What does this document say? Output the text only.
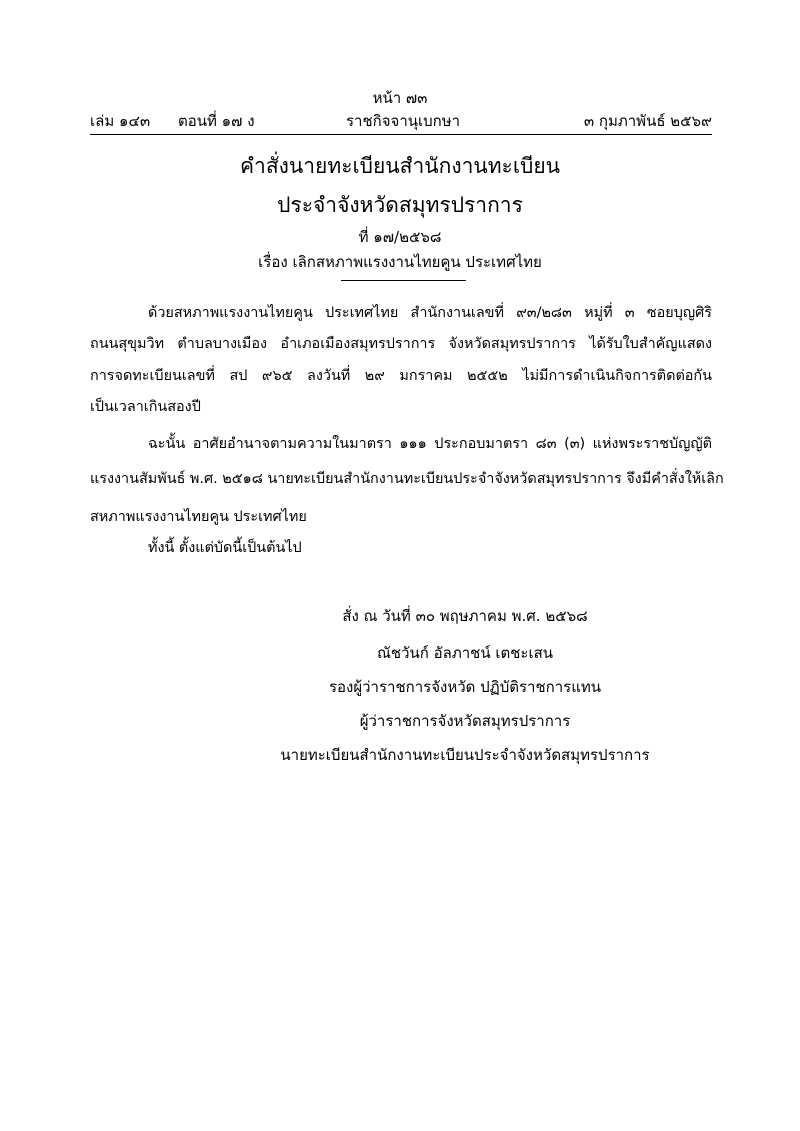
หน้า ๗๓
เล่ม ๑๔๓ ตอนที่ ๑๗ ง	ราชกิจจานุเบกษา	๓ กุมภาพันธ์ ๒๕๖๙
คำสั่งนายทะเบียนสำนักงานทะเบียน
ประจำจังหวัดสมุทรปราการ
ที่ ๑๗/๒๕๖๘
เรื่อง เลิกสหภาพแรงงานไทยคูน ประเทศไทย
ด้วยสหภาพแรงงานไทยคูน ประเทศไทย สำนักงานเลขที่ ๙๓/๒๘๓ หมู่ที่ ๓ ซอยบุญศิริ
ถนนสุขุมวิท ตำบลบางเมือง อำเภอเมืองสมุทรปราการ จังหวัดสมุทรปราการ ได้รับใบสำคัญแสดง
การจดทะเบียนเลขที่ สป ๙๖๕ ลงวันที่ ๒๙ มกราคม ๒๕๕๒ ไม่มีการดำเนินกิจการติดต่อกัน
เป็นเวลาเกินสองปี
ฉะนั้น อาศัยอำนาจตามความในมาตรา ๑๑๑ ประกอบมาตรา ๘๓ (๓) แห่งพระราชบัญญัติ
แรงงานสัมพันธ์ พ.ศ. ๒๕๑๘ นายทะเบียนสำนักงานทะเบียนประจำจังหวัดสมุทรปราการ จึงมีคำสั่งให้เลิก
สหภาพแรงงานไทยคูน ประเทศไทย
ทั้งนี้ ตั้งแต่บัดนี้เป็นต้นไป
สั่ง ณ วันที่ ๓๐ พฤษภาคม พ.ศ. ๒๕๖๘
ณัชวันก์ อัลภาชน์ เตชะเสน
รองผู้ว่าราชการจังหวัด ปฏิบัติราชการแทน
ผู้ว่าราชการจังหวัดสมุทรปราการ
นายทะเบียนสำนักงานทะเบียนประจำจังหวัดสมุทรปราการ
